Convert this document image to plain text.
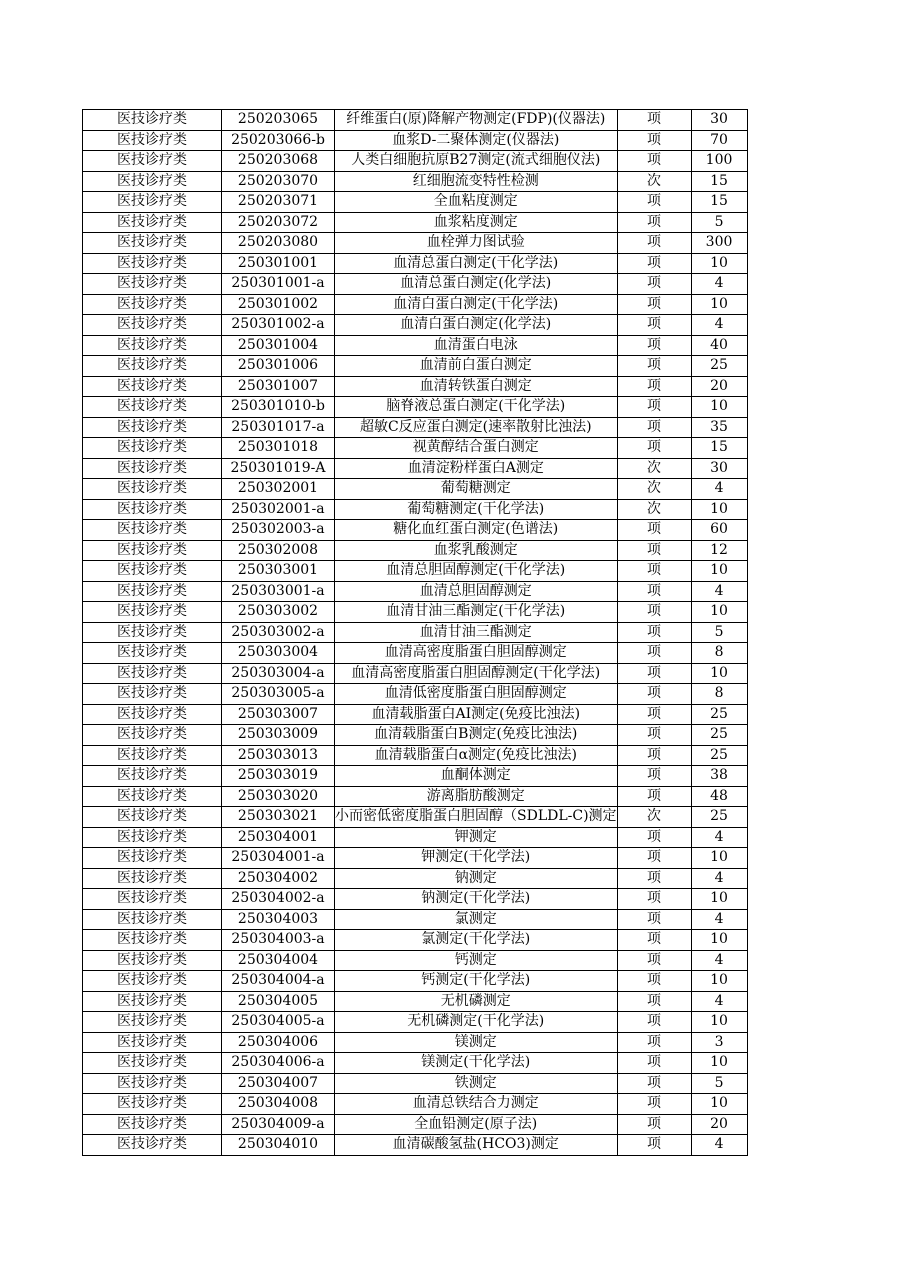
医技诊疗类	250203065	纤维蛋白(原)降解产物测定(FDP)(仪器法)	项	30
医技诊疗类	250203066-b	血浆D-二聚体测定(仪器法)	项	70
医技诊疗类	250203068	人类白细胞抗原B27测定(流式细胞仪法)	项	100
医技诊疗类	250203070	红细胞流变特性检测	次	15
医技诊疗类	250203071	全血粘度测定	项	15
医技诊疗类	250203072	血浆粘度测定	项	5
医技诊疗类	250203080	血栓弹力图试验	项	300
医技诊疗类	250301001	血清总蛋白测定(干化学法)	项	10
医技诊疗类	250301001-a	血清总蛋白测定(化学法)	项	4
医技诊疗类	250301002	血清白蛋白测定(干化学法)	项	10
医技诊疗类	250301002-a	血清白蛋白测定(化学法)	项	4
医技诊疗类	250301004	血清蛋白电泳	项	40
医技诊疗类	250301006	血清前白蛋白测定	项	25
医技诊疗类	250301007	血清转铁蛋白测定	项	20
医技诊疗类	250301010-b	脑脊液总蛋白测定(干化学法)	项	10
医技诊疗类	250301017-a	超敏C反应蛋白测定(速率散射比浊法)	项	35
医技诊疗类	250301018	视黄醇结合蛋白测定	项	15
医技诊疗类	250301019-A	血清淀粉样蛋白A测定	次	30
医技诊疗类	250302001	葡萄糖测定	次	4
医技诊疗类	250302001-a	葡萄糖测定(干化学法)	次	10
医技诊疗类	250302003-a	糖化血红蛋白测定(色谱法)	项	60
医技诊疗类	250302008	血浆乳酸测定	项	12
医技诊疗类	250303001	血清总胆固醇测定(干化学法)	项	10
医技诊疗类	250303001-a	血清总胆固醇测定	项	4
医技诊疗类	250303002	血清甘油三酯测定(干化学法)	项	10
医技诊疗类	250303002-a	血清甘油三酯测定	项	5
医技诊疗类	250303004	血清高密度脂蛋白胆固醇测定	项	8
医技诊疗类	250303004-a	血清高密度脂蛋白胆固醇测定(干化学法)	项	10
医技诊疗类	250303005-a	血清低密度脂蛋白胆固醇测定	项	8
医技诊疗类	250303007	血清载脂蛋白AⅠ测定(免疫比浊法)	项	25
医技诊疗类	250303009	血清载脂蛋白B测定(免疫比浊法)	项	25
医技诊疗类	250303013	血清载脂蛋白α测定(免疫比浊法)	项	25
医技诊疗类	250303019	血酮体测定	项	38
医技诊疗类	250303020	游离脂肪酸测定	项	48
医技诊疗类	250303021	小而密低密度脂蛋白胆固醇（SDLDL-C)测定	次	25
医技诊疗类	250304001	钾测定	项	4
医技诊疗类	250304001-a	钾测定(干化学法)	项	10
医技诊疗类	250304002	钠测定	项	4
医技诊疗类	250304002-a	钠测定(干化学法)	项	10
医技诊疗类	250304003	氯测定	项	4
医技诊疗类	250304003-a	氯测定(干化学法)	项	10
医技诊疗类	250304004	钙测定	项	4
医技诊疗类	250304004-a	钙测定(干化学法)	项	10
医技诊疗类	250304005	无机磷测定	项	4
医技诊疗类	250304005-a	无机磷测定(干化学法)	项	10
医技诊疗类	250304006	镁测定	项	3
医技诊疗类	250304006-a	镁测定(干化学法)	项	10
医技诊疗类	250304007	铁测定	项	5
医技诊疗类	250304008	血清总铁结合力测定	项	10
医技诊疗类	250304009-a	全血铅测定(原子法)	项	20
医技诊疗类	250304010	血清碳酸氢盐(HCO3)测定	项	4
